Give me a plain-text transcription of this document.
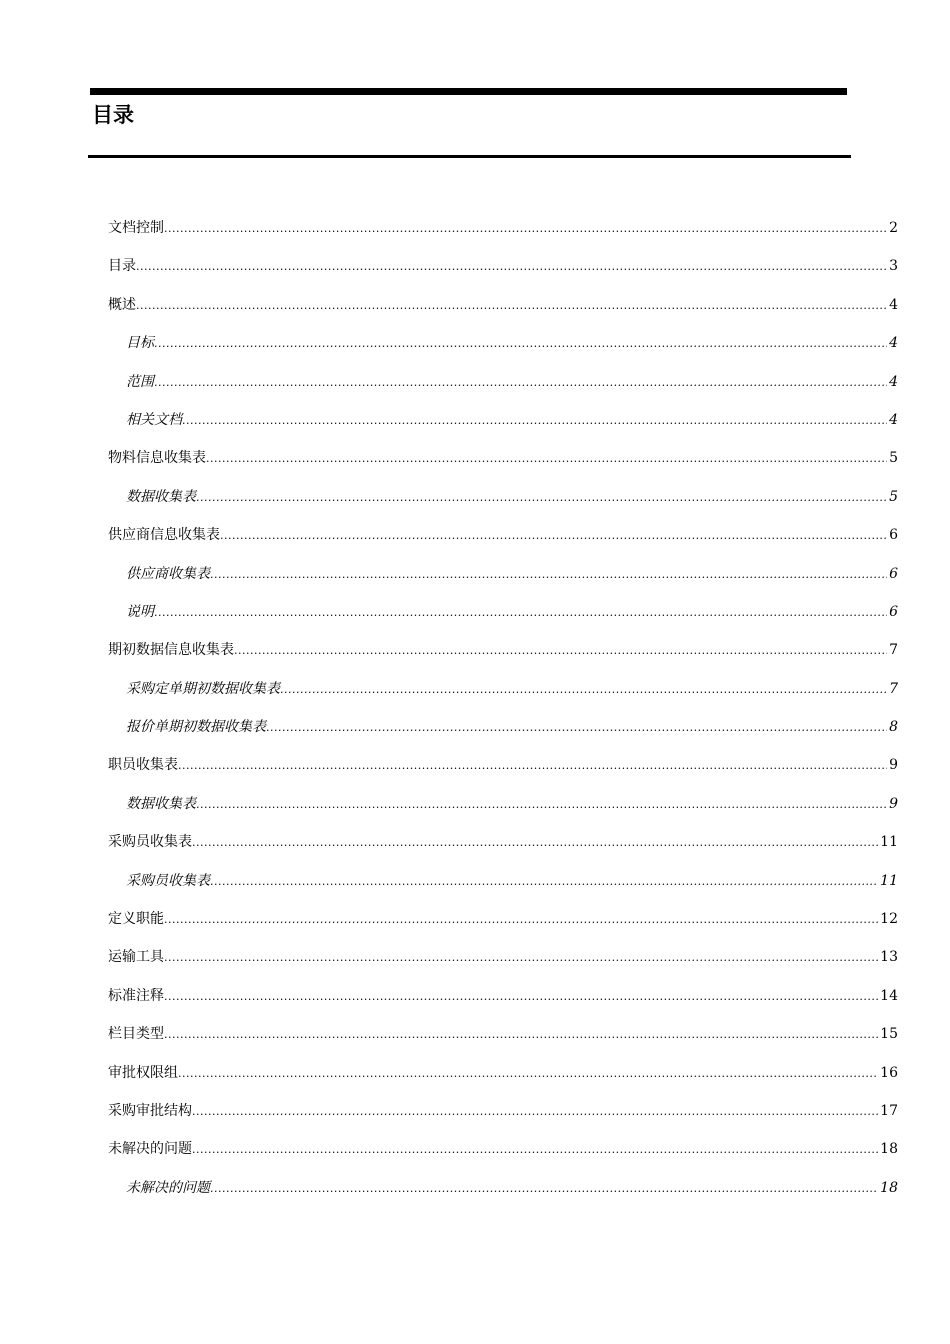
目录
文档控制 .....	2
目录 .....	3
概述 .....	4
目标 .....	4
范围 .....	4
相关文档 .....	4
物料信息收集表 .....	5
数据收集表 .....	5
供应商信息收集表 .....	6
供应商收集表 .....	6
说明 .....	6
期初数据信息收集表 .....	7
采购定单期初数据收集表 .....	7
报价单期初数据收集表 .....	8
职员收集表 .....	9
数据收集表 .....	9
采购员收集表 .....	11
采购员收集表 .....	11
定义职能 .....	12
运输工具 .....	13
标准注释 .....	14
栏目类型 .....	15
审批权限组 .....	16
采购审批结构 .....	17
未解决的问题 .....	18
未解决的问题 .....	18
